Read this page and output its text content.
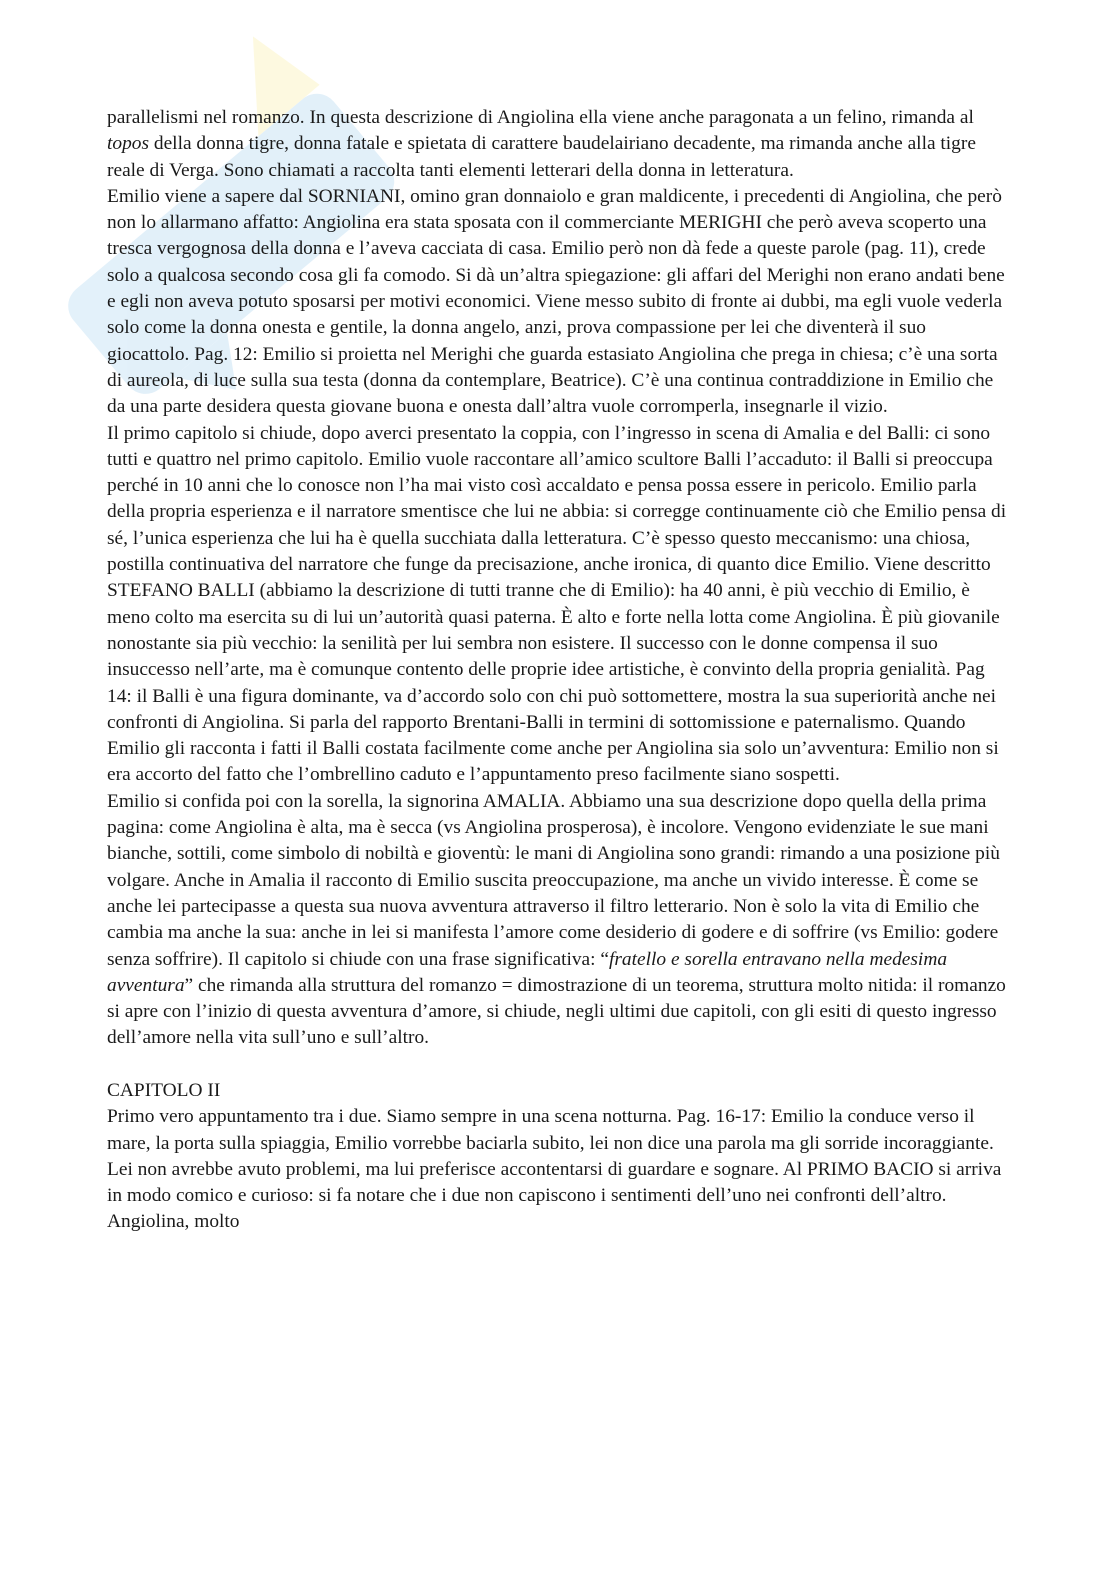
parallelismi nel romanzo. In questa descrizione di Angiolina ella viene anche paragonata a un felino, rimanda al topos della donna tigre, donna fatale e spietata di carattere baudelairiano decadente, ma rimanda anche alla tigre reale di Verga. Sono chiamati a raccolta tanti elementi letterari della donna in letteratura.

Emilio viene a sapere dal SORNIANI, omino gran donnaiolo e gran maldicente, i precedenti di Angiolina, che però non lo allarmano affatto: Angiolina era stata sposata con il commerciante MERIGHI che però aveva scoperto una tresca vergognosa della donna e l’aveva cacciata di casa. Emilio però non dà fede a queste parole (pag. 11), crede solo a qualcosa secondo cosa gli fa comodo. Si dà un’altra spiegazione: gli affari del Merighi non erano andati bene e egli non aveva potuto sposarsi per motivi economici. Viene messo subito di fronte ai dubbi, ma egli vuole vederla solo come la donna onesta e gentile, la donna angelo, anzi, prova compassione per lei che diventerà il suo giocattolo. Pag. 12: Emilio si proietta nel Merighi che guarda estasiato Angiolina che prega in chiesa; c’è una sorta di aureola, di luce sulla sua testa (donna da contemplare, Beatrice). C’è una continua contraddizione in Emilio che da una parte desidera questa giovane buona e onesta dall’altra vuole corromperla, insegnarle il vizio.

Il primo capitolo si chiude, dopo averci presentato la coppia, con l’ingresso in scena di Amalia e del Balli: ci sono tutti e quattro nel primo capitolo. Emilio vuole raccontare all’amico scultore Balli l’accaduto: il Balli si preoccupa perché in 10 anni che lo conosce non l’ha mai visto così accaldato e pensa possa essere in pericolo. Emilio parla della propria esperienza e il narratore smentisce che lui ne abbia: si corregge continuamente ciò che Emilio pensa di sé, l’unica esperienza che lui ha è quella succhiata dalla letteratura. C’è spesso questo meccanismo: una chiosa, postilla continuativa del narratore che funge da precisazione, anche ironica, di quanto dice Emilio. Viene descritto STEFANO BALLI (abbiamo la descrizione di tutti tranne che di Emilio): ha 40 anni, è più vecchio di Emilio, è meno colto ma esercita su di lui un’autorità quasi paterna. È alto e forte nella lotta come Angiolina. È più giovanile nonostante sia più vecchio: la senilità per lui sembra non esistere. Il successo con le donne compensa il suo insuccesso nell’arte, ma è comunque contento delle proprie idee artistiche, è convinto della propria genialità. Pag 14: il Balli è una figura dominante, va d’accordo solo con chi può sottomettere, mostra la sua superiorità anche nei confronti di Angiolina. Si parla del rapporto Brentani-Balli in termini di sottomissione e paternalismo. Quando Emilio gli racconta i fatti il Balli costata facilmente come anche per Angiolina sia solo un’avventura: Emilio non si era accorto del fatto che l’ombrellino caduto e l’appuntamento preso facilmente siano sospetti.

Emilio si confida poi con la sorella, la signorina AMALIA. Abbiamo una sua descrizione dopo quella della prima pagina: come Angiolina è alta, ma è secca (vs Angiolina prosperosa), è incolore. Vengono evidenziate le sue mani bianche, sottili, come simbolo di nobiltà e gioventù: le mani di Angiolina sono grandi: rimando a una posizione più volgare. Anche in Amalia il racconto di Emilio suscita preoccupazione, ma anche un vivido interesse. È come se anche lei partecipasse a questa sua nuova avventura attraverso il filtro letterario. Non è solo la vita di Emilio che cambia ma anche la sua: anche in lei si manifesta l’amore come desiderio di godere e di soffrire (vs Emilio: godere senza soffrire). Il capitolo si chiude con una frase significativa: “fratello e sorella entravano nella medesima avventura” che rimanda alla struttura del romanzo = dimostrazione di un teorema, struttura molto nitida: il romanzo si apre con l’inizio di questa avventura d’amore, si chiude, negli ultimi due capitoli, con gli esiti di questo ingresso dell’amore nella vita sull’uno e sull’altro.

CAPITOLO II

Primo vero appuntamento tra i due. Siamo sempre in una scena notturna. Pag. 16-17: Emilio la conduce verso il mare, la porta sulla spiaggia, Emilio vorrebbe baciarla subito, lei non dice una parola ma gli sorride incoraggiante. Lei non avrebbe avuto problemi, ma lui preferisce accontentarsi di guardare e sognare. Al PRIMO BACIO si arriva in modo comico e curioso: si fa notare che i due non capiscono i sentimenti dell’uno nei confronti dell’altro. Angiolina, molto
